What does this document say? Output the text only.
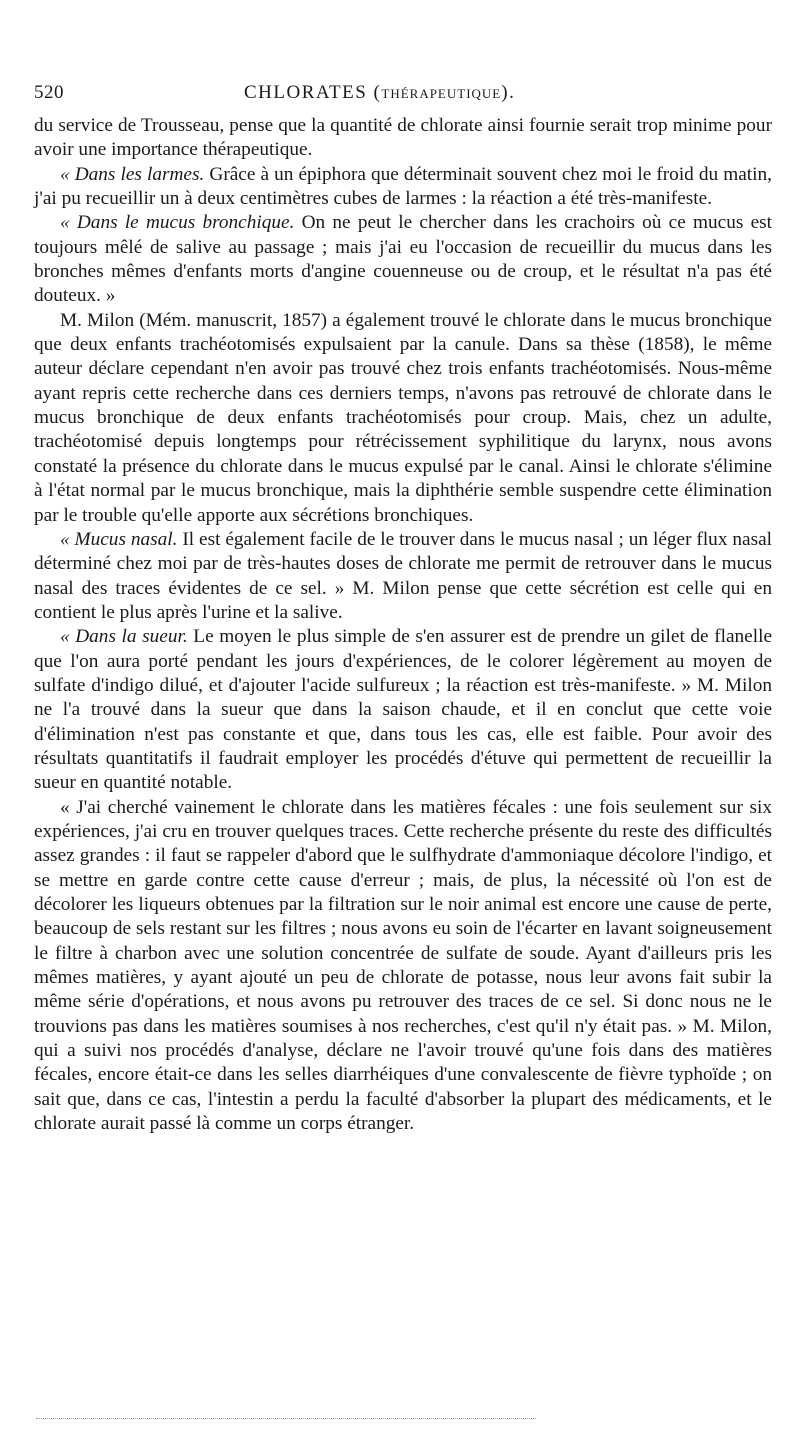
520	CHLORATES (THÉRAPEUTIQUE).

du service de Trousseau, pense que la quantité de chlorate ainsi fournie serait trop minime pour avoir une importance thérapeutique.

« Dans les larmes. Grâce à un épiphora que déterminait souvent chez moi le froid du matin, j'ai pu recueillir un à deux centimètres cubes de larmes : la réaction a été très-manifeste.

« Dans le mucus bronchique. On ne peut le chercher dans les crachoirs où ce mucus est toujours mêlé de salive au passage ; mais j'ai eu l'occasion de recueillir du mucus dans les bronches mêmes d'enfants morts d'angine couenneuse ou de croup, et le résultat n'a pas été douteux. »

M. Milon (Mém. manuscrit, 1857) a également trouvé le chlorate dans le mucus bronchique que deux enfants trachéotomisés expulsaient par la canule. Dans sa thèse (1858), le même auteur déclare cependant n'en avoir pas trouvé chez trois enfants trachéotomisés. Nous-même ayant repris cette recherche dans ces derniers temps, n'avons pas retrouvé de chlorate dans le mucus bronchique de deux enfants trachéotomisés pour croup. Mais, chez un adulte, trachéotomisé depuis longtemps pour rétrécissement syphilitique du larynx, nous avons constaté la présence du chlorate dans le mucus expulsé par le canal. Ainsi le chlorate s'élimine à l'état normal par le mucus bronchique, mais la diphthérie semble suspendre cette élimination par le trouble qu'elle apporte aux sécrétions bronchiques.

« Mucus nasal. Il est également facile de le trouver dans le mucus nasal ; un léger flux nasal déterminé chez moi par de très-hautes doses de chlorate me permit de retrouver dans le mucus nasal des traces évidentes de ce sel. » M. Milon pense que cette sécrétion est celle qui en contient le plus après l'urine et la salive.

« Dans la sueur. Le moyen le plus simple de s'en assurer est de prendre un gilet de flanelle que l'on aura porté pendant les jours d'expériences, de le colorer légèrement au moyen de sulfate d'indigo dilué, et d'ajouter l'acide sulfureux ; la réaction est très-manifeste. » M. Milon ne l'a trouvé dans la sueur que dans la saison chaude, et il en conclut que cette voie d'élimination n'est pas constante et que, dans tous les cas, elle est faible. Pour avoir des résultats quantitatifs il faudrait employer les procédés d'étuve qui permettent de recueillir la sueur en quantité notable.

« J'ai cherché vainement le chlorate dans les matières fécales : une fois seulement sur six expériences, j'ai cru en trouver quelques traces. Cette recherche présente du reste des difficultés assez grandes : il faut se rappeler d'abord que le sulfhydrate d'ammoniaque décolore l'indigo, et se mettre en garde contre cette cause d'erreur ; mais, de plus, la nécessité où l'on est de décolorer les liqueurs obtenues par la filtration sur le noir animal est encore une cause de perte, beaucoup de sels restant sur les filtres ; nous avons eu soin de l'écarter en lavant soigneusement le filtre à charbon avec une solution concentrée de sulfate de soude. Ayant d'ailleurs pris les mêmes matières, y ayant ajouté un peu de chlorate de potasse, nous leur avons fait subir la même série d'opérations, et nous avons pu retrouver des traces de ce sel. Si donc nous ne le trouvions pas dans les matières soumises à nos recherches, c'est qu'il n'y était pas. » M. Milon, qui a suivi nos procédés d'analyse, déclare ne l'avoir trouvé qu'une fois dans des matières fécales, encore était-ce dans les selles diarrhéiques d'une convalescente de fièvre typhoïde ; on sait que, dans ce cas, l'intestin a perdu la faculté d'absorber la plupart des médicaments, et le chlorate aurait passé là comme un corps étranger.
